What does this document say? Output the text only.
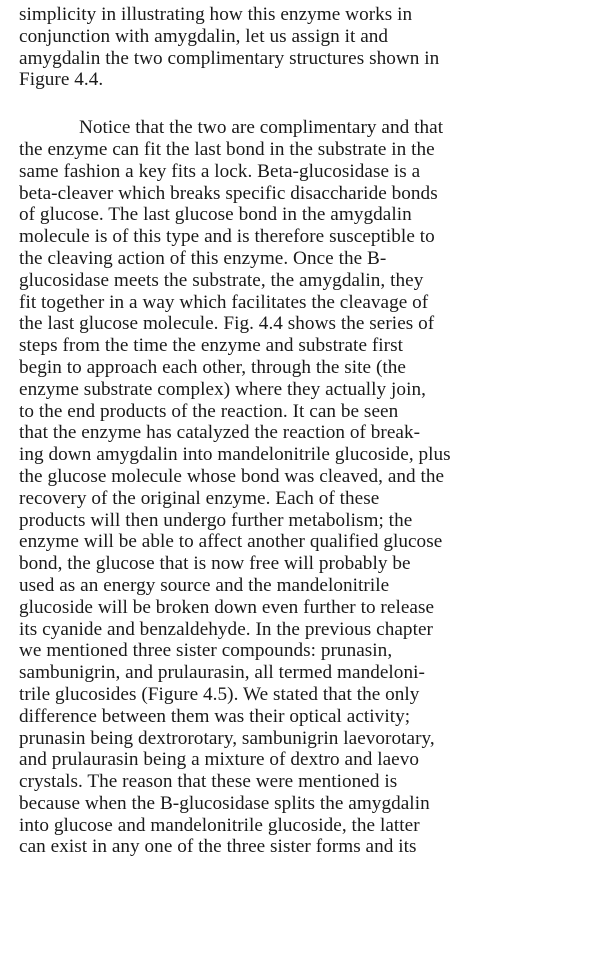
simplicity in illustrating how this enzyme works in
conjunction with amygdalin, let us assign it and
amygdalin the two complimentary structures shown in
Figure 4.4.
Notice that the two are complimentary and that
the enzyme can fit the last bond in the substrate in the
same fashion a key fits a lock. Beta-glucosidase is a
beta-cleaver which breaks specific disaccharide bonds
of glucose. The last glucose bond in the amygdalin
molecule is of this type and is therefore susceptible to
the cleaving action of this enzyme. Once the B-
glucosidase meets the substrate, the amygdalin, they
fit together in a way which facilitates the cleavage of
the last glucose molecule. Fig. 4.4 shows the series of
steps from the time the enzyme and substrate first
begin to approach each other, through the site (the
enzyme substrate complex) where they actually join,
to the end products of the reaction. It can be seen
that the enzyme has catalyzed the reaction of break-
ing down amygdalin into mandelonitrile glucoside, plus
the glucose molecule whose bond was cleaved, and the
recovery of the original enzyme. Each of these
products will then undergo further metabolism; the
enzyme will be able to affect another qualified glucose
bond, the glucose that is now free will probably be
used as an energy source and the mandelonitrile
glucoside will be broken down even further to release
its cyanide and benzaldehyde. In the previous chapter
we mentioned three sister compounds: prunasin,
sambunigrin, and prulaurasin, all termed mandeloni-
trile glucosides (Figure 4.5). We stated that the only
difference between them was their optical activity;
prunasin being dextrorotary, sambunigrin laevorotary,
and prulaurasin being a mixture of dextro and laevo
crystals. The reason that these were mentioned is
because when the B-glucosidase splits the amygdalin
into glucose and mandelonitrile glucoside, the latter
can exist in any one of the three sister forms and its
